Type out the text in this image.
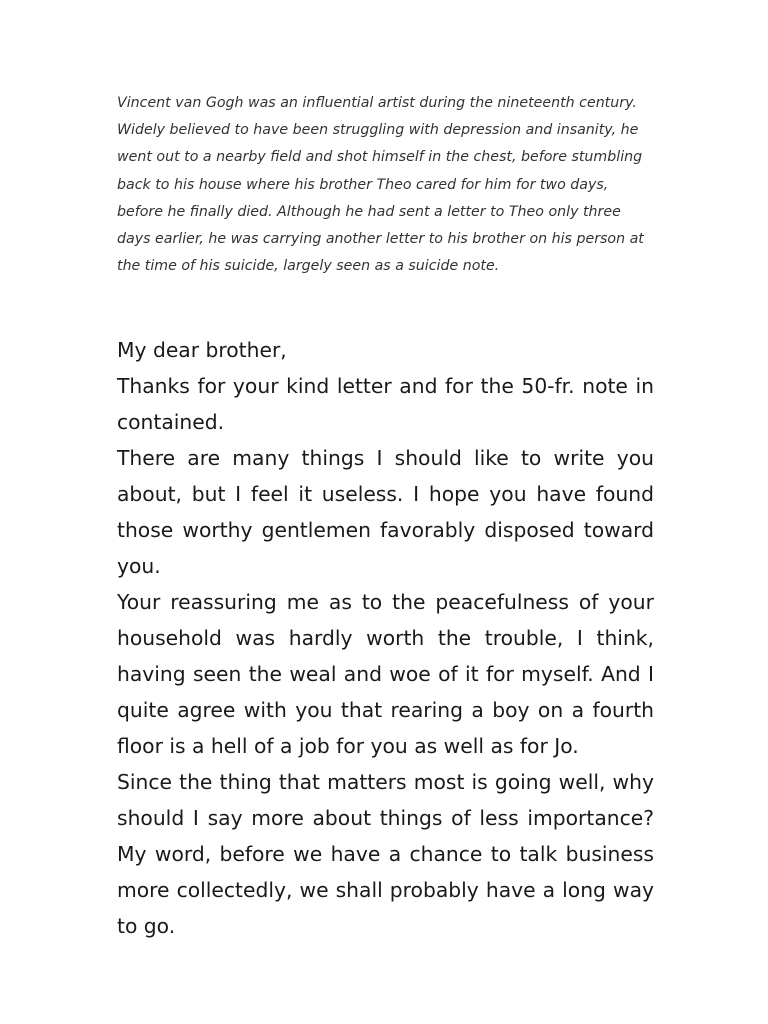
Vincent van Gogh was an influential artist during the nineteenth century. Widely believed to have been struggling with depression and insanity, he went out to a nearby field and shot himself in the chest, before stumbling back to his house where his brother Theo cared for him for two days, before he finally died. Although he had sent a letter to Theo only three days earlier, he was carrying another letter to his brother on his person at the time of his suicide, largely seen as a suicide note.

My dear brother,

Thanks for your kind letter and for the 50-fr. note in contained.

There are many things I should like to write you about, but I feel it useless. I hope you have found those worthy gentlemen favorably disposed toward you.

Your reassuring me as to the peacefulness of your household was hardly worth the trouble, I think, having seen the weal and woe of it for myself. And I quite agree with you that rearing a boy on a fourth floor is a hell of a job for you as well as for Jo.

Since the thing that matters most is going well, why should I say more about things of less importance? My word, before we have a chance to talk business more collectedly, we shall probably have a long way to go.
